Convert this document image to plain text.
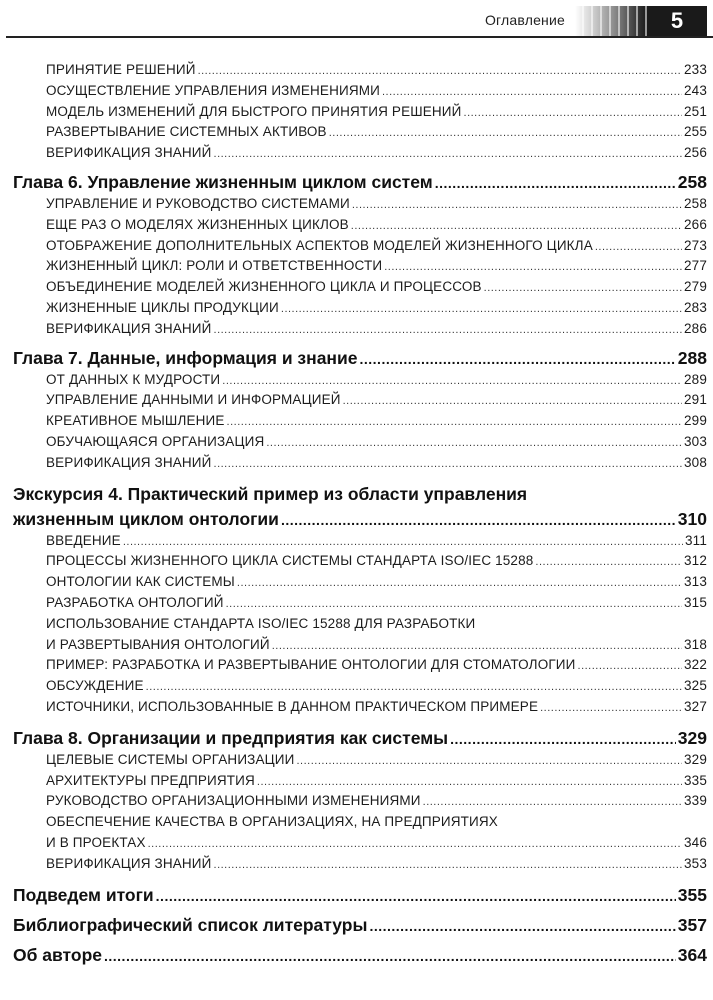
Оглавление	5
ПРИНЯТИЕ РЕШЕНИЙ .....	233
ОСУЩЕСТВЛЕНИЕ УПРАВЛЕНИЯ ИЗМЕНЕНИЯМИ .....	243
МОДЕЛЬ ИЗМЕНЕНИЙ ДЛЯ БЫСТРОГО ПРИНЯТИЯ РЕШЕНИЙ .....	251
РАЗВЕРТЫВАНИЕ СИСТЕМНЫХ АКТИВОВ .....	255
ВЕРИФИКАЦИЯ ЗНАНИЙ .....	256
Глава 6. Управление жизненным циклом систем .....	258
УПРАВЛЕНИЕ И РУКОВОДСТВО СИСТЕМАМИ .....	258
ЕЩЕ РАЗ О МОДЕЛЯХ ЖИЗНЕННЫХ ЦИКЛОВ .....	266
ОТОБРАЖЕНИЕ ДОПОЛНИТЕЛЬНЫХ АСПЕКТОВ МОДЕЛЕЙ ЖИЗНЕННОГО ЦИКЛА .....	273
ЖИЗНЕННЫЙ ЦИКЛ: РОЛИ И ОТВЕТСТВЕННОСТИ .....	277
ОБЪЕДИНЕНИЕ МОДЕЛЕЙ ЖИЗНЕННОГО ЦИКЛА И ПРОЦЕССОВ .....	279
ЖИЗНЕННЫЕ ЦИКЛЫ ПРОДУКЦИИ .....	283
ВЕРИФИКАЦИЯ ЗНАНИЙ .....	286
Глава 7. Данные, информация и знание .....	288
ОТ ДАННЫХ К МУДРОСТИ .....	289
УПРАВЛЕНИЕ ДАННЫМИ И ИНФОРМАЦИЕЙ .....	291
КРЕАТИВНОЕ МЫШЛЕНИЕ .....	299
ОБУЧАЮЩАЯСЯ ОРГАНИЗАЦИЯ .....	303
ВЕРИФИКАЦИЯ ЗНАНИЙ .....	308
Экскурсия 4. Практический пример из области управления
жизненным циклом онтологии .....	310
ВВЕДЕНИЕ .....	311
ПРОЦЕССЫ ЖИЗНЕННОГО ЦИКЛА СИСТЕМЫ СТАНДАРТА ISO/IEC 15288 .....	312
ОНТОЛОГИИ КАК СИСТЕМЫ .....	313
РАЗРАБОТКА ОНТОЛОГИЙ .....	315
ИСПОЛЬЗОВАНИЕ СТАНДАРТА ISO/IEC 15288 ДЛЯ РАЗРАБОТКИ
И РАЗВЕРТЫВАНИЯ ОНТОЛОГИЙ .....	318
ПРИМЕР: РАЗРАБОТКА И РАЗВЕРТЫВАНИЕ ОНТОЛОГИИ ДЛЯ СТОМАТОЛОГИИ .....	322
ОБСУЖДЕНИЕ .....	325
ИСТОЧНИКИ, ИСПОЛЬЗОВАННЫЕ В ДАННОМ ПРАКТИЧЕСКОМ ПРИМЕРЕ .....	327
Глава 8. Организации и предприятия как системы .....	329
ЦЕЛЕВЫЕ СИСТЕМЫ ОРГАНИЗАЦИИ .....	329
АРХИТЕКТУРЫ ПРЕДПРИЯТИЯ .....	335
РУКОВОДСТВО ОРГАНИЗАЦИОННЫМИ ИЗМЕНЕНИЯМИ .....	339
ОБЕСПЕЧЕНИЕ КАЧЕСТВА В ОРГАНИЗАЦИЯХ, НА ПРЕДПРИЯТИЯХ
И В ПРОЕКТАХ .....	346
ВЕРИФИКАЦИЯ ЗНАНИЙ .....	353
Подведем итоги .....	355
Библиографический список литературы .....	357
Об авторе .....	364
